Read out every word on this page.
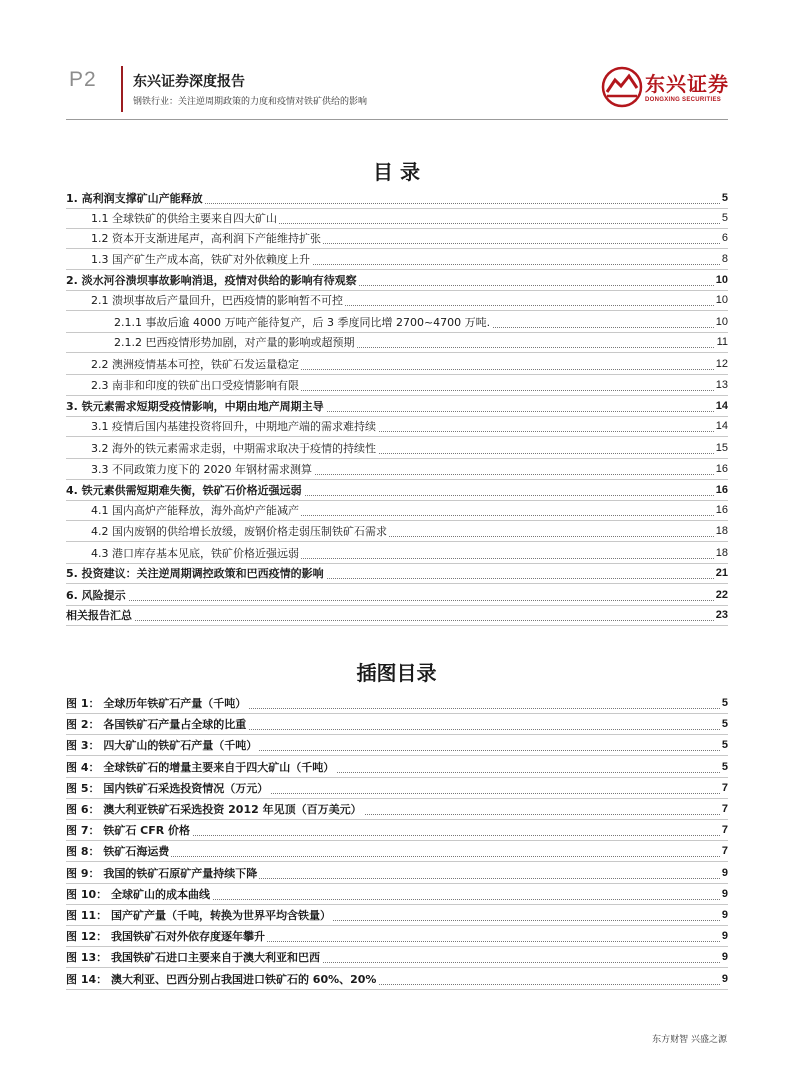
P2	东兴证券深度报告
钢铁行业：关注逆周期政策的力度和疫情对铁矿供给的影响
东兴证券
DONGXING SECURITIES
目 录
1. 高利润支撑矿山产能释放	5
1.1 全球铁矿的供给主要来自四大矿山	5
1.2 资本开支渐进尾声，高利润下产能维持扩张	6
1.3 国产矿生产成本高，铁矿对外依赖度上升	8
2. 淡水河谷溃坝事故影响消退，疫情对供给的影响有待观察	10
2.1 溃坝事故后产量回升，巴西疫情的影响暂不可控	10
2.1.1 事故后逾 4000 万吨产能待复产，后 3 季度同比增 2700~4700 万吨.	10
2.1.2 巴西疫情形势加剧，对产量的影响或超预期	11
2.2 澳洲疫情基本可控，铁矿石发运量稳定	12
2.3 南非和印度的铁矿出口受疫情影响有限	13
3. 铁元素需求短期受疫情影响，中期由地产周期主导	14
3.1 疫情后国内基建投资将回升，中期地产端的需求难持续	14
3.2 海外的铁元素需求走弱，中期需求取决于疫情的持续性	15
3.3 不同政策力度下的 2020 年钢材需求测算	16
4. 铁元素供需短期难失衡，铁矿石价格近强远弱	16
4.1 国内高炉产能释放，海外高炉产能减产	16
4.2 国内废钢的供给增长放缓，废钢价格走弱压制铁矿石需求	18
4.3 港口库存基本见底，铁矿价格近强远弱	18
5. 投资建议：关注逆周期调控政策和巴西疫情的影响	21
6. 风险提示	22
相关报告汇总	23
插图目录
图 1： 全球历年铁矿石产量（千吨）	5
图 2： 各国铁矿石产量占全球的比重	5
图 3： 四大矿山的铁矿石产量（千吨）	5
图 4： 全球铁矿石的增量主要来自于四大矿山（千吨）	5
图 5： 国内铁矿石采选投资情况（万元）	7
图 6： 澳大利亚铁矿石采选投资 2012 年见顶（百万美元）	7
图 7： 铁矿石 CFR 价格	7
图 8： 铁矿石海运费	7
图 9： 我国的铁矿石原矿产量持续下降	9
图 10： 全球矿山的成本曲线	9
图 11： 国产矿产量（千吨，转换为世界平均含铁量）	9
图 12： 我国铁矿石对外依存度逐年攀升	9
图 13： 我国铁矿石进口主要来自于澳大利亚和巴西	9
图 14： 澳大利亚、巴西分别占我国进口铁矿石的 60%、20%	9
东方财智 兴盛之源
